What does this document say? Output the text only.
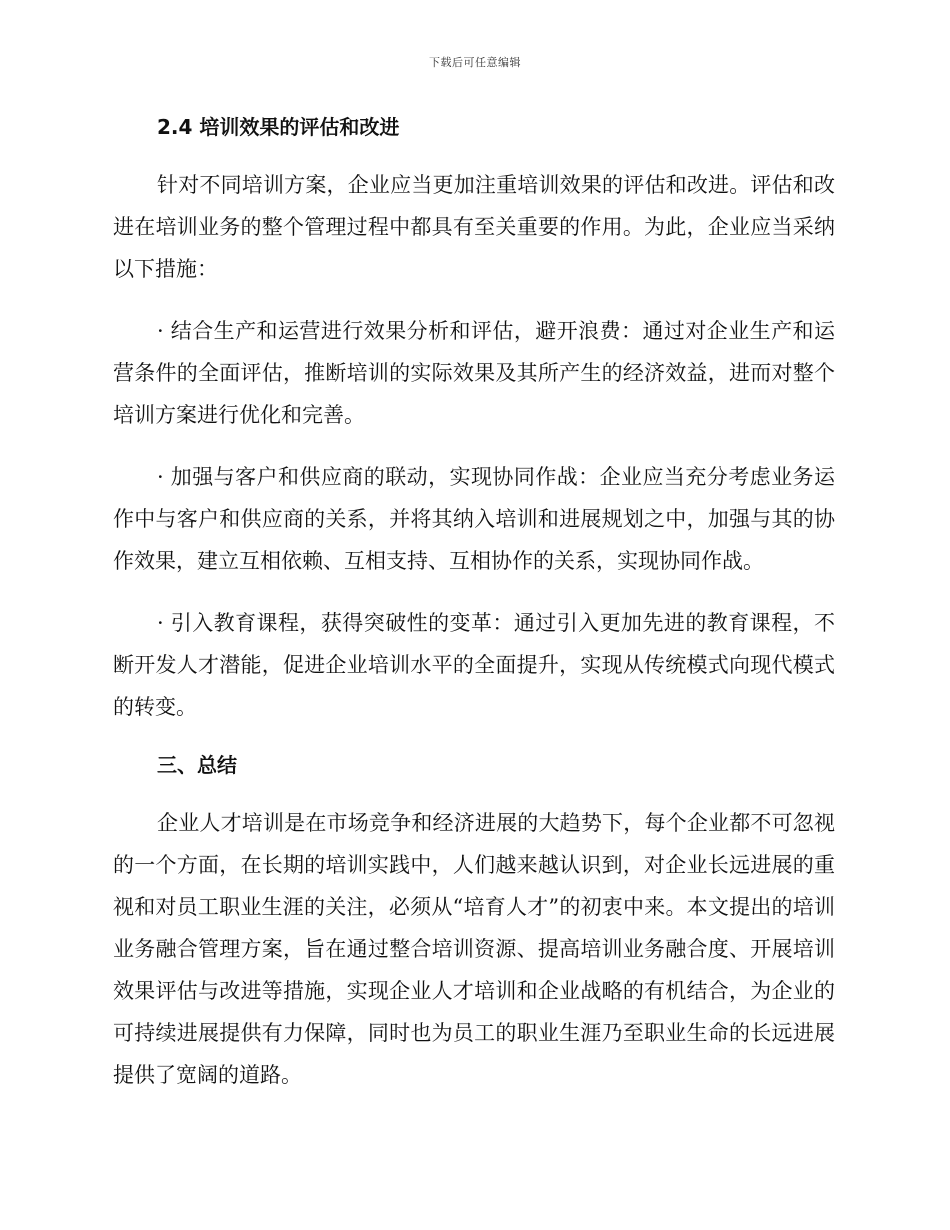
下载后可任意编辑
2.4 培训效果的评估和改进

针对不同培训方案，企业应当更加注重培训效果的评估和改进。评估和改进在培训业务的整个管理过程中都具有至关重要的作用。为此，企业应当采纳以下措施：

· 结合生产和运营进行效果分析和评估，避开浪费：通过对企业生产和运营条件的全面评估，推断培训的实际效果及其所产生的经济效益，进而对整个培训方案进行优化和完善。

· 加强与客户和供应商的联动，实现协同作战：企业应当充分考虑业务运作中与客户和供应商的关系，并将其纳入培训和进展规划之中，加强与其的协作效果，建立互相依赖、互相支持、互相协作的关系，实现协同作战。

· 引入教育课程，获得突破性的变革：通过引入更加先进的教育课程，不断开发人才潜能，促进企业培训水平的全面提升，实现从传统模式向现代模式的转变。

三、总结

企业人才培训是在市场竞争和经济进展的大趋势下，每个企业都不可忽视的一个方面，在长期的培训实践中，人们越来越认识到，对企业长远进展的重视和对员工职业生涯的关注，必须从“培育人才”的初衷中来。本文提出的培训业务融合管理方案，旨在通过整合培训资源、提高培训业务融合度、开展培训效果评估与改进等措施，实现企业人才培训和企业战略的有机结合，为企业的可持续进展提供有力保障，同时也为员工的职业生涯乃至职业生命的长远进展提供了宽阔的道路。
